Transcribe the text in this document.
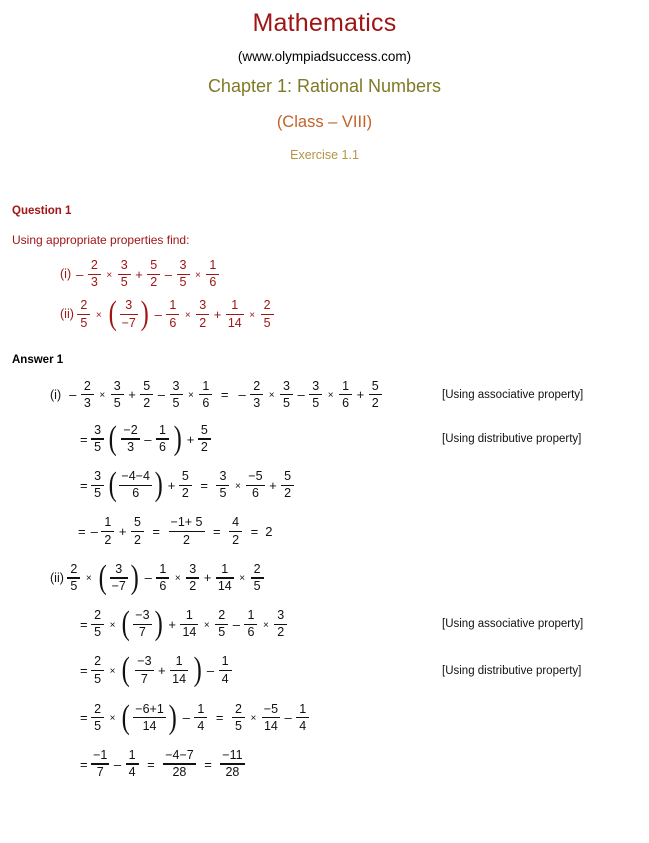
Mathematics
(www.olympiadsuccess.com)
Chapter 1: Rational Numbers
(Class – VIII)
Exercise 1.1
Question 1
Using appropriate properties find:
$(i) - \frac{2}{3} \times \frac{3}{5} + \frac{5}{2} - \frac{3}{5} \times \frac{1}{6}$
$(ii) \frac{2}{5}$ × ( $\frac{3}{-7}$ ) – $\frac{1}{6} \times \frac{3}{2} + \frac{1}{14} \times \frac{2}{5}$
Answer 1
$(i) - \frac{2}{3} \times \frac{3}{5} + \frac{5}{2} - \frac{3}{5} \times \frac{1}{6}$ = – $\frac{2}{3} \times \frac{3}{5} - \frac{3}{5} \times \frac{1}{6} + \frac{5}{2}$	[Using associative property]
= $\frac{3}{5}$ ( $\frac{-2}{3} - \frac{1}{6}$ ) + $\frac{5}{2}$	[Using distributive property]
= $\frac{3}{5}$ ( $\frac{-4-4}{6}$ ) + $\frac{5}{2} = \frac{3}{5} \times \frac{-5}{6} + \frac{5}{2}$
= – $\frac{1}{2} + \frac{5}{2} = \frac{-1+ 5}{2} = \frac{4}{2} = 2$
$(ii) \frac{2}{5}$ × ( $\frac{3}{-7}$ ) – $\frac{1}{6} \times \frac{3}{2} + \frac{1}{14} \times \frac{2}{5}$
= $\frac{2}{5}$ × ( $\frac{-3}{7}$ ) + $\frac{1}{14} \times \frac{2}{5} - \frac{1}{6} \times \frac{3}{2}$	[Using associative property]
= $\frac{2}{5}$ × ( $\frac{-3}{7} + \frac{1}{14}$ ) – $\frac{1}{4}$	[Using distributive property]
= $\frac{2}{5}$ × ( $\frac{-6+1}{14}$ ) – $\frac{1}{4} = \frac{2}{5} \times \frac{-5}{14} - \frac{1}{4}$
= $\frac{-1}{7} - \frac{1}{4} = \frac{-4-7}{28} = \frac{-11}{28}$
